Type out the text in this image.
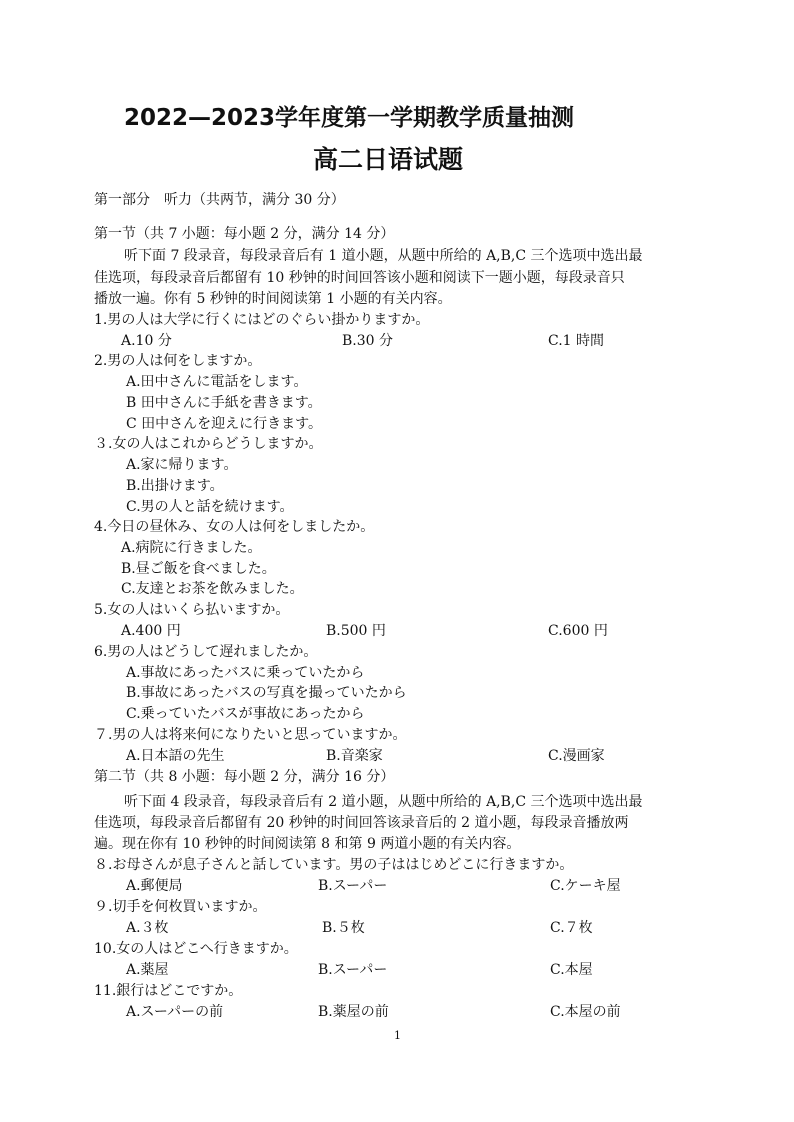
2022—2023学年度第一学期教学质量抽测
高二日语试题
第一部分　听力（共两节，满分 30 分）
第一节（共 7 小题：每小题 2 分，满分 14 分）
听下面 7 段录音，每段录音后有 1 道小题，从题中所给的 A,B,C 三个选项中选出最
佳选项，每段录音后都留有 10 秒钟的时间回答该小题和阅读下一题小题，每段录音只
播放一遍。你有 5 秒钟的时间阅读第 1 小题的有关内容。
1.男の人は大学に行くにはどのぐらい掛かりますか。
A.10 分	B.30 分	C.1 時間
2.男の人は何をしますか。
A.田中さんに電話をします。
B 田中さんに手紙を書きます。
C 田中さんを迎えに行きます。
３.女の人はこれからどうしますか。
A.家に帰ります。
B.出掛けます。
C.男の人と話を続けます。
4.今日の昼休み、女の人は何をしましたか。
A.病院に行きました。
B.昼ご飯を食べました。
C.友達とお茶を飲みました。
5.女の人はいくら払いますか。
A.400 円	B.500 円	C.600 円
6.男の人はどうして遅れましたか。
A.事故にあったバスに乗っていたから
B.事故にあったバスの写真を撮っていたから
C.乗っていたバスが事故にあったから
７.男の人は将来何になりたいと思っていますか。
A.日本語の先生	B.音楽家	C.漫画家
第二节（共 8 小题：每小题 2 分，满分 16 分）
听下面 4 段录音，每段录音后有 2 道小题，从题中所给的 A,B,C 三个选项中选出最
佳选项，每段录音后都留有 20 秒钟的时间回答该录音后的 2 道小题，每段录音播放两
遍。现在你有 10 秒钟的时间阅读第 8 和第 9 两道小题的有关内容。
８.お母さんが息子さんと話しています。男の子ははじめどこに行きますか。
A.郵便局	B.スーパー	C.ケーキ屋
９.切手を何枚買いますか。
A.３枚	B.５枚	C.７枚
10.女の人はどこへ行きますか。
A.薬屋	B.スーパー	C.本屋
11.銀行はどこですか。
A.スーパーの前	B.薬屋の前	C.本屋の前
1
